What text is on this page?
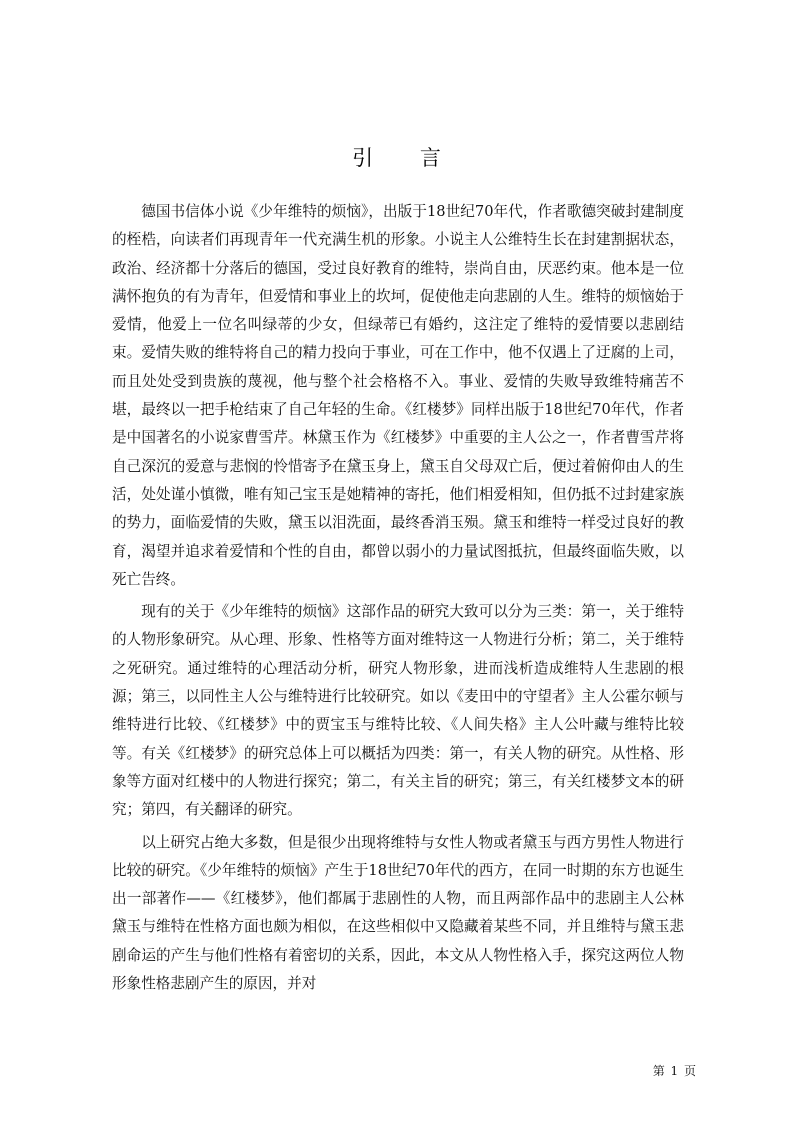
引 言

德国书信体小说《少年维特的烦恼》，出版于18世纪70年代，作者歌德突破封建制度的桎梏，向读者们再现青年一代充满生机的形象。小说主人公维特生长在封建割据状态，政治、经济都十分落后的德国，受过良好教育的维特，崇尚自由，厌恶约束。他本是一位满怀抱负的有为青年，但爱情和事业上的坎坷，促使他走向悲剧的人生。维特的烦恼始于爱情，他爱上一位名叫绿蒂的少女，但绿蒂已有婚约，这注定了维特的爱情要以悲剧结束。爱情失败的维特将自己的精力投向于事业，可在工作中，他不仅遇上了迂腐的上司，而且处处受到贵族的蔑视，他与整个社会格格不入。事业、爱情的失败导致维特痛苦不堪，最终以一把手枪结束了自己年轻的生命。《红楼梦》同样出版于18世纪70年代，作者是中国著名的小说家曹雪芹。林黛玉作为《红楼梦》中重要的主人公之一，作者曹雪芹将自己深沉的爱意与悲悯的怜惜寄予在黛玉身上，黛玉自父母双亡后，便过着俯仰由人的生活，处处谨小慎微，唯有知己宝玉是她精神的寄托，他们相爱相知，但仍抵不过封建家族的势力，面临爱情的失败，黛玉以泪洗面，最终香消玉殒。黛玉和维特一样受过良好的教育，渴望并追求着爱情和个性的自由，都曾以弱小的力量试图抵抗，但最终面临失败，以死亡告终。

现有的关于《少年维特的烦恼》这部作品的研究大致可以分为三类：第一，关于维特的人物形象研究。从心理、形象、性格等方面对维特这一人物进行分析；第二，关于维特之死研究。通过维特的心理活动分析，研究人物形象，进而浅析造成维特人生悲剧的根源；第三，以同性主人公与维特进行比较研究。如以《麦田中的守望者》主人公霍尔顿与维特进行比较、《红楼梦》中的贾宝玉与维特比较、《人间失格》主人公叶藏与维特比较等。有关《红楼梦》的研究总体上可以概括为四类：第一，有关人物的研究。从性格、形象等方面对红楼中的人物进行探究；第二，有关主旨的研究；第三，有关红楼梦文本的研究；第四，有关翻译的研究。

以上研究占绝大多数，但是很少出现将维特与女性人物或者黛玉与西方男性人物进行比较的研究。《少年维特的烦恼》产生于18世纪70年代的西方，在同一时期的东方也诞生出一部著作——《红楼梦》，他们都属于悲剧性的人物，而且两部作品中的悲剧主人公林黛玉与维特在性格方面也颇为相似，在这些相似中又隐藏着某些不同，并且维特与黛玉悲剧命运的产生与他们性格有着密切的关系，因此，本文从人物性格入手，探究这两位人物形象性格悲剧产生的原因，并对

第 1 页
